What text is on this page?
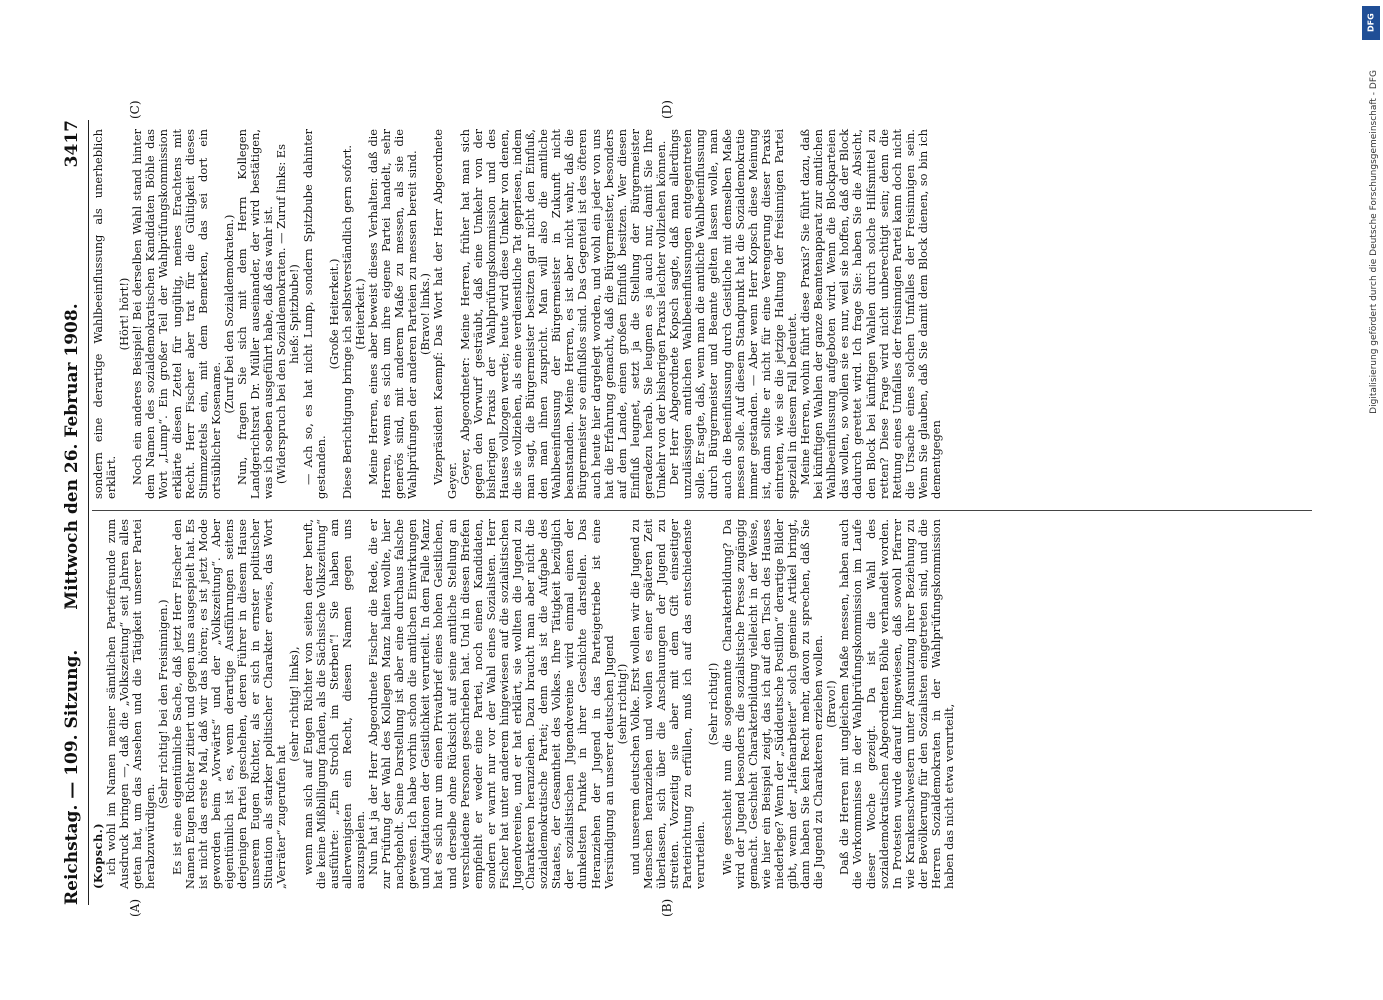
Reichstag. — 109. Sitzung.
Mittwoch den 26. Februar 1908.
3417
(A)	(B)
(C)	(D)

(Kopsch.) ich wohl im Namen meiner sämtlichen Parteifreunde zum Ausdruck bringen —, daß die „Volkszeitung“ seit Jahren alles getan hat, um das Ansehen und die Tätigkeit unserer Partei herabzuwürdigen.

(Sehr richtig! bei den Freisinnigen.) Es ist eine eigentümliche Sache, daß jetzt Herr Fischer den Namen Eugen Richter zitiert und gegen uns ausgespielt hat. Es ist nicht das erste Mal, daß wir das hören; es ist jetzt Mode geworden beim „Vorwärts“ und der „Volkszeitung“. Aber eigentümlich ist es, wenn derartige Ausführungen seitens derjenigen Partei geschehen, deren Führer in diesem Hause unserem Eugen Richter, als er sich in ernster politischer Situation als starker politischer Charakter erwies, das Wort „Verräter“ zugerufen hat

(sehr richtig! links), wenn man sich auf Eugen Richter von seiten derer beruft, die keine Mißbilligung fanden, als die Sächsische Volkszeitung“ ausführte: „Ein Strolch im Sterben“! Sie haben am allerwenigsten ein Recht, diesen Namen gegen uns auszuspielen. Nun hat ja der Herr Abgeordnete Fischer die Rede, die er zur Prüfung der Wahl des Kollegen Manz halten wollte, hier nachgeholt. Seine Darstellung ist aber eine durchaus falsche gewesen. Ich habe vorhin schon die amtlichen Einwirkungen und Agitationen der Geistlichkeit verurteilt. In dem Falle Manz hat es sich nur um einen Privatbrief eines hohen Geistlichen, und derselbe ohne Rücksicht auf seine amtliche Stellung an verschiedene Personen geschrieben hat. Und in diesen Briefen empfiehlt er weder eine Partei, noch einen Kandidaten, sondern er warnt nur vor der Wahl eines Sozialisten. Herr Fischer hat unter anderem hingewiesen auf die sozialistischen Jugendvereine, und er hat erklärt, sie wollten die Jugend zu Charakteren heranziehen. Dazu braucht man aber nicht die sozialdemokratische Partei; denn das ist die Aufgabe des Staates, der Gesamtheit des Volkes. Ihre Tätigkeit bezüglich der sozialistischen Jugendvereine wird einmal einen der dunkelsten Punkte in ihrer Geschichte darstellen. Das Heranziehen der Jugend in das Parteigetriebe ist eine Versündigung an unserer deutschen Jugend (sehr richtig!) und unserem deutschen Volke. Erst wollen wir die Jugend zu Menschen heranziehen und wollen es einer späteren Zeit überlassen, sich über die Anschauungen der Jugend zu streiten. Vorzeitig sie aber mit dem Gift einseitiger Parteirichtung zu erfüllen, muß ich auf das entschiedenste verurteilen.

(Sehr richtig!) Wie geschieht nun die sogenannte Charakterbildung? Da wird der Jugend besonders die sozialistische Presse zugängig gemacht. Geschieht Charakterbildung vielleicht in der Weise, wie hier ein Beispiel zeigt, das ich auf den Tisch des Hauses niederlege? Wenn der „Süddeutsche Postillon“ derartige Bilder gibt, wenn der „Hafenarbeiter“ solch gemeine Artikel bringt, dann haben Sie kein Recht mehr, davon zu sprechen, daß Sie die Jugend zu Charakteren erziehen wollen. (Bravo!) Daß die Herren mit ungleichem Maße messen, haben auch die Vorkommnisse in der Wahlprüfungskommission im Laufe dieser Woche gezeigt. Da ist die Wahl des sozialdemokratischen Abgeordneten Böhle verhandelt worden. In Protesten wurde darauf hingewiesen, daß sowohl Pfarrer wie Krankenschwestern unter Ausnutzung ihrer Beziehung zu der Bevölkerung für den Sozialisten eingetreten sind, und die Herren Sozialdemokraten in der Wahlprüfungskommission haben das nicht etwa verurteilt,

sondern eine derartige Wahlbeeinflussung als unerheblich erklärt.

(Hört! hört!) Noch ein anderes Beispiel! Bei derselben Wahl stand hinter dem Namen des sozialdemokratischen Kandidaten Böhle das Wort „Lump“. Ein großer Teil der Wahlprüfungskommission erklärte diesen Zettel für ungültig, meines Erachtens mit Recht. Herr Fischer aber trat für die Gültigkeit dieses Stimmzettels ein, mit dem Bemerken, das sei dort ein ortsüblicher Kosename.

(Zuruf bei den Sozialdemokraten.) Nun, fragen Sie sich mit dem Herrn Kollegen Landgerichtsrat Dr. Müller auseinander, der wird bestätigen, was ich soeben ausgeführt habe, daß das wahr ist. (Widerspruch bei den Sozialdemokraten. — Zuruf links: Es hieß: Spitzbube!) — Ach so, es hat nicht Lump, sondern Spitzbube dahinter gestanden.

(Große Heiterkeit.) Diese Berichtigung bringe ich selbstverständlich gern sofort. (Heiterkeit.) Meine Herren, eines aber beweist dieses Verhalten: daß die Herren, wenn es sich um ihre eigene Partei handelt, sehr generös sind, mit anderem Maße zu messen, als sie die Wahlprüfungen der anderen Parteien zu messen bereit sind. (Bravo! links.) Vizepräsident Kaempf: Das Wort hat der Herr Abgeordnete Geyer. Geyer, Abgeordneter: Meine Herren, früher hat man sich gegen den Vorwurf gesträubt, daß eine Umkehr von der bisherigen Praxis der Wahlprüfungskommission und des Hauses vollzogen werde; heute wird diese Umkehr von denen, die sie vollziehen, als eine verdienstliche Tat gepriesen, indem man sagt, die Bürgermeister besitzen gar nicht den Einfluß, den man ihnen zuspricht. Man will also die amtliche Wahlbeeinflussung der Bürgermeister in Zukunft nicht beanstanden. Meine Herren, es ist aber nicht wahr, daß die Bürgermeister so einflußlos sind. Das Gegenteil ist des öfteren auch heute hier dargelegt worden, und wohl ein jeder von uns hat die Erfahrung gemacht, daß die Bürgermeister, besonders auf dem Lande, einen großen Einfluß besitzen. Wer diesen Einfluß leugnet, setzt ja die Stellung der Bürgermeister geradezu herab. Sie leugnen es ja auch nur, damit Sie Ihre Umkehr von der bisherigen Praxis leichter vollziehen können. Der Herr Abgeordnete Kopsch sagte, daß man allerdings unzulässigen amtlichen Wahlbeeinflussungen entgegentreten solle. Er sagte, daß, wenn man die amtliche Wahlbeeinflussung durch Bürgermeister und Beamte gelten lassen wolle, man auch die Beeinflussung durch Geistliche mit demselben Maße messen solle. Auf diesem Standpunkt hat die Sozialdemokratie immer gestanden. — Aber wenn Herr Kopsch diese Meinung ist, dann sollte er nicht für eine Verengerung dieser Praxis eintreten, wie sie die jetzige Haltung der freisinnigen Partei speziell in diesem Fall bedeutet. Meine Herren, wohin führt diese Praxis? Sie führt dazu, daß bei künftigen Wahlen der ganze Beamtenapparat zur amtlichen Wahlbeeinflussung aufgeboten wird. Wenn die Blockparteien das wollen, so wollen sie es nur, weil sie hoffen, daß der Block dadurch gerettet wird. Ich frage Sie: haben Sie die Absicht, den Block bei künftigen Wahlen durch solche Hilfsmittel zu retten? Diese Frage wird nicht unberechtigt sein; denn die Rettung eines Umfalles der freisinnigen Partei kann doch nicht die Ursache eines solchen Umfalles der Freisinnigen sein. Wenn Sie glauben, daß Sie damit dem Block dienen, so bin ich dementgegen

DFG
Digitalisierung gefördert durch die Deutsche Forschungsgemeinschaft - DFG
